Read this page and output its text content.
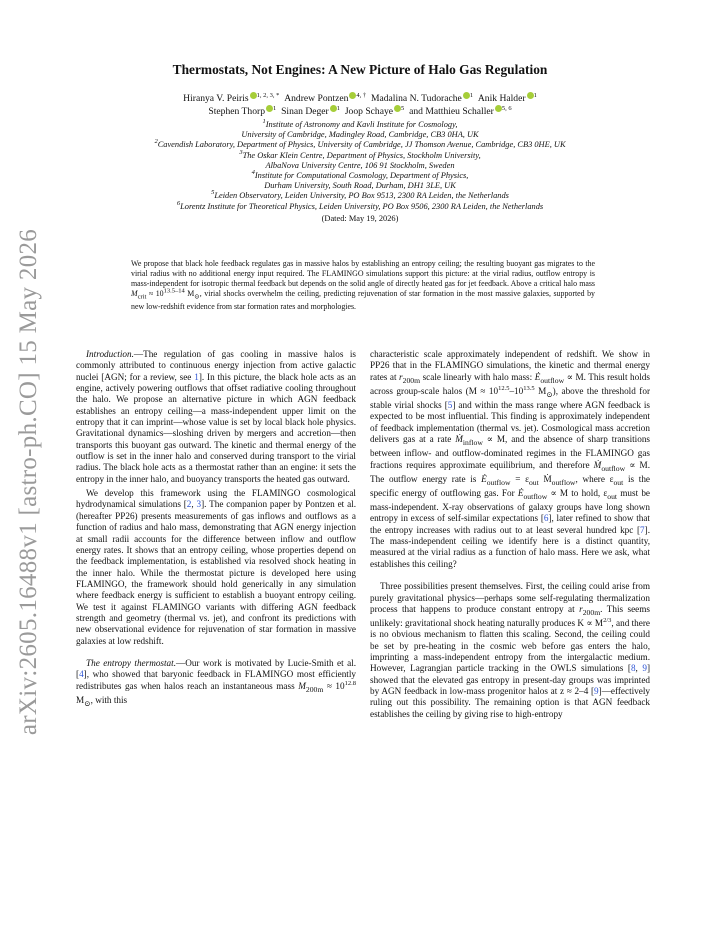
arXiv:2605.16488v1 [astro-ph.CO] 15 May 2026
Thermostats, Not Engines: A New Picture of Halo Gas Regulation
Hiranya V. Peiris $^{1, 2, 3, *}$ Andrew Pontzen $^{4, \dagger}$ Madalina N. Tudorache $^1$ Anik Halder $^1$
Stephen Thorp $^1$ Sinan Deger $^1$ Joop Schaye $^5$ and Matthieu Schaller $^{5, 6}$
$^1$Institute of Astronomy and Kavli Institute for Cosmology,
University of Cambridge, Madingley Road, Cambridge, CB3 0HA, UK
$^2$Cavendish Laboratory, Department of Physics, University of Cambridge, JJ Thomson Avenue, Cambridge, CB3 0HE, UK
$^3$The Oskar Klein Centre, Department of Physics, Stockholm University,
AlbaNova University Centre, 106 91 Stockholm, Sweden
$^4$Institute for Computational Cosmology, Department of Physics,
Durham University, South Road, Durham, DH1 3LE, UK
$^5$Leiden Observatory, Leiden University, PO Box 9513, 2300 RA Leiden, the Netherlands
$^6$Lorentz Institute for Theoretical Physics, Leiden University, PO Box 9506, 2300 RA Leiden, the Netherlands
(Dated: May 19, 2026)
We propose that black hole feedback regulates gas in massive halos by establishing an entropy ceiling; the resulting buoyant gas migrates to the virial radius with no additional energy input required. The FLAMINGO simulations support this picture: at the virial radius, outflow entropy is mass-independent for isotropic thermal feedback but depends on the solid angle of directly heated gas for jet feedback. Above a critical halo mass $M_{crit} \approx 10^{13.5-14}$ $M_⊙$, virial shocks overwhelm the ceiling, predicting rejuvenation of star formation in the most massive galaxies, supported by new low-redshift evidence from star formation rates and morphologies.

Introduction.—The regulation of gas cooling in massive halos is commonly attributed to continuous energy injection from active galactic nuclei [AGN; for a review, see 1]. In this picture, the black hole acts as an engine, actively powering outflows that offset radiative cooling throughout the halo. We propose an alternative picture in which AGN feedback establishes an entropy ceiling—a mass-independent upper limit on the entropy that it can imprint—whose value is set by local black hole physics. Gravitational dynamics—sloshing driven by mergers and accretion—then transports this buoyant gas outward. The kinetic and thermal energy of the outflow is set in the inner halo and conserved during transport to the virial radius. The black hole acts as a thermostat rather than an engine: it sets the entropy in the inner halo, and buoyancy transports the heated gas outward.

We develop this framework using the FLAMINGO cosmological hydrodynamical simulations [2, 3]. The companion paper by Pontzen et al. (hereafter PP26) presents measurements of gas inflows and outflows as a function of radius and halo mass, demonstrating that AGN energy injection at small radii accounts for the difference between inflow and outflow energy rates. It shows that an entropy ceiling, whose properties depend on the feedback implementation, is established via resolved shock heating in the inner halo. While the thermostat picture is developed here using FLAMINGO, the framework should hold generically in any simulation where feedback energy is sufficient to establish a buoyant entropy ceiling. We test it against FLAMINGO variants with differing AGN feedback strength and geometry (thermal vs. jet), and confront its predictions with new observational evidence for rejuvenation of star formation in massive galaxies at low redshift.

The entropy thermostat.—Our work is motivated by Lucie-Smith et al. [4], who showed that baryonic feedback in FLAMINGO most efficiently redistributes gas when halos reach an instantaneous mass $M_{200m} \approx 10^{12.8}$ $M_⊙$, with this

characteristic scale approximately independent of redshift. We show in PP26 that in the FLAMINGO simulations, the kinetic and thermal energy rates at $r_{200m}$ scale linearly with halo mass: $Ė_{outflow} \propto M$. This result holds across group-scale halos ($M \approx 10^{12.5}-10^{13.5}$ $M_⊙$), above the threshold for stable virial shocks [5] and within the mass range where AGN feedback is expected to be most influential. This finding is approximately independent of feedback implementation (thermal vs. jet). Cosmological mass accretion delivers gas at a rate Ṁ$_{inflow}$ ∝ M, and the absence of sharp transitions between inflow- and outflow-dominated regimes in the FLAMINGO gas fractions requires approximate equilibrium, and therefore Ṁ$_{outflow}$ ∝ M. The outflow energy rate is $Ė_{outflow} = \varepsilon_{out}$ Ṁ$_{outflow}$, where $\varepsilon_{out}$ is the specific energy of outflowing gas. For $Ė_{outflow} \propto M$ to hold, $\varepsilon_{out}$ must be mass-independent. X-ray observations of galaxy groups have long shown entropy in excess of self-similar expectations [6], later refined to show that the entropy increases with radius out to at least several hundred kpc [7]. The mass-independent ceiling we identify here is a distinct quantity, measured at the virial radius as a function of halo mass. Here we ask, what establishes this ceiling?

Three possibilities present themselves. First, the ceiling could arise from purely gravitational physics—perhaps some self-regulating thermalization process that happens to produce constant entropy at $r_{200m}$. This seems unlikely: gravitational shock heating naturally produces $K \propto M^{2/3}$, and there is no obvious mechanism to flatten this scaling. Second, the ceiling could be set by pre-heating in the cosmic web before gas enters the halo, imprinting a mass-independent entropy from the intergalactic medium. However, Lagrangian particle tracking in the OWLS simulations [8, 9] showed that the elevated gas entropy in present-day groups was imprinted by AGN feedback in low-mass progenitor halos at z ≈ 2–4 [9]—effectively ruling out this possibility. The remaining option is that AGN feedback establishes the ceiling by giving rise to high-entropy
